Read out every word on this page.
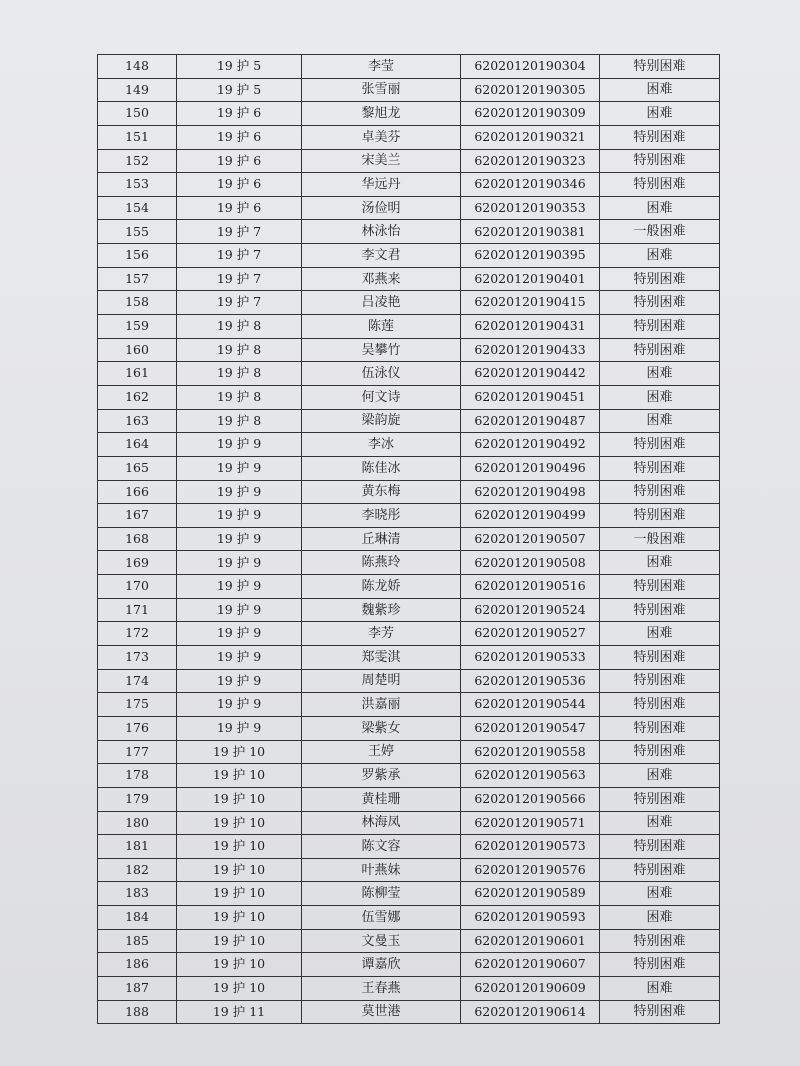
148	19 护 5	李莹	62020120190304	特别困难
149	19 护 5	张雪丽	62020120190305	困难
150	19 护 6	黎旭龙	62020120190309	困难
151	19 护 6	卓美芬	62020120190321	特别困难
152	19 护 6	宋美兰	62020120190323	特别困难
153	19 护 6	华远丹	62020120190346	特别困难
154	19 护 6	汤俭明	62020120190353	困难
155	19 护 7	林泳怡	62020120190381	一般困难
156	19 护 7	李文君	62020120190395	困难
157	19 护 7	邓燕来	62020120190401	特别困难
158	19 护 7	吕凌艳	62020120190415	特别困难
159	19 护 8	陈莲	62020120190431	特别困难
160	19 护 8	吴攀竹	62020120190433	特别困难
161	19 护 8	伍泳仪	62020120190442	困难
162	19 护 8	何文诗	62020120190451	困难
163	19 护 8	梁韵旋	62020120190487	困难
164	19 护 9	李冰	62020120190492	特别困难
165	19 护 9	陈佳冰	62020120190496	特别困难
166	19 护 9	黄东梅	62020120190498	特别困难
167	19 护 9	李晓彤	62020120190499	特别困难
168	19 护 9	丘琳清	62020120190507	一般困难
169	19 护 9	陈燕玲	62020120190508	困难
170	19 护 9	陈龙娇	62020120190516	特别困难
171	19 护 9	魏紫珍	62020120190524	特别困难
172	19 护 9	李芳	62020120190527	困难
173	19 护 9	郑雯淇	62020120190533	特别困难
174	19 护 9	周楚明	62020120190536	特别困难
175	19 护 9	洪嘉丽	62020120190544	特别困难
176	19 护 9	梁紫女	62020120190547	特别困难
177	19 护 10	王婷	62020120190558	特别困难
178	19 护 10	罗紫承	62020120190563	困难
179	19 护 10	黄桂珊	62020120190566	特别困难
180	19 护 10	林海凤	62020120190571	困难
181	19 护 10	陈文容	62020120190573	特别困难
182	19 护 10	叶燕妹	62020120190576	特别困难
183	19 护 10	陈柳莹	62020120190589	困难
184	19 护 10	伍雪娜	62020120190593	困难
185	19 护 10	文曼玉	62020120190601	特别困难
186	19 护 10	谭嘉欣	62020120190607	特别困难
187	19 护 10	王春燕	62020120190609	困难
188	19 护 11	莫世港	62020120190614	特别困难
